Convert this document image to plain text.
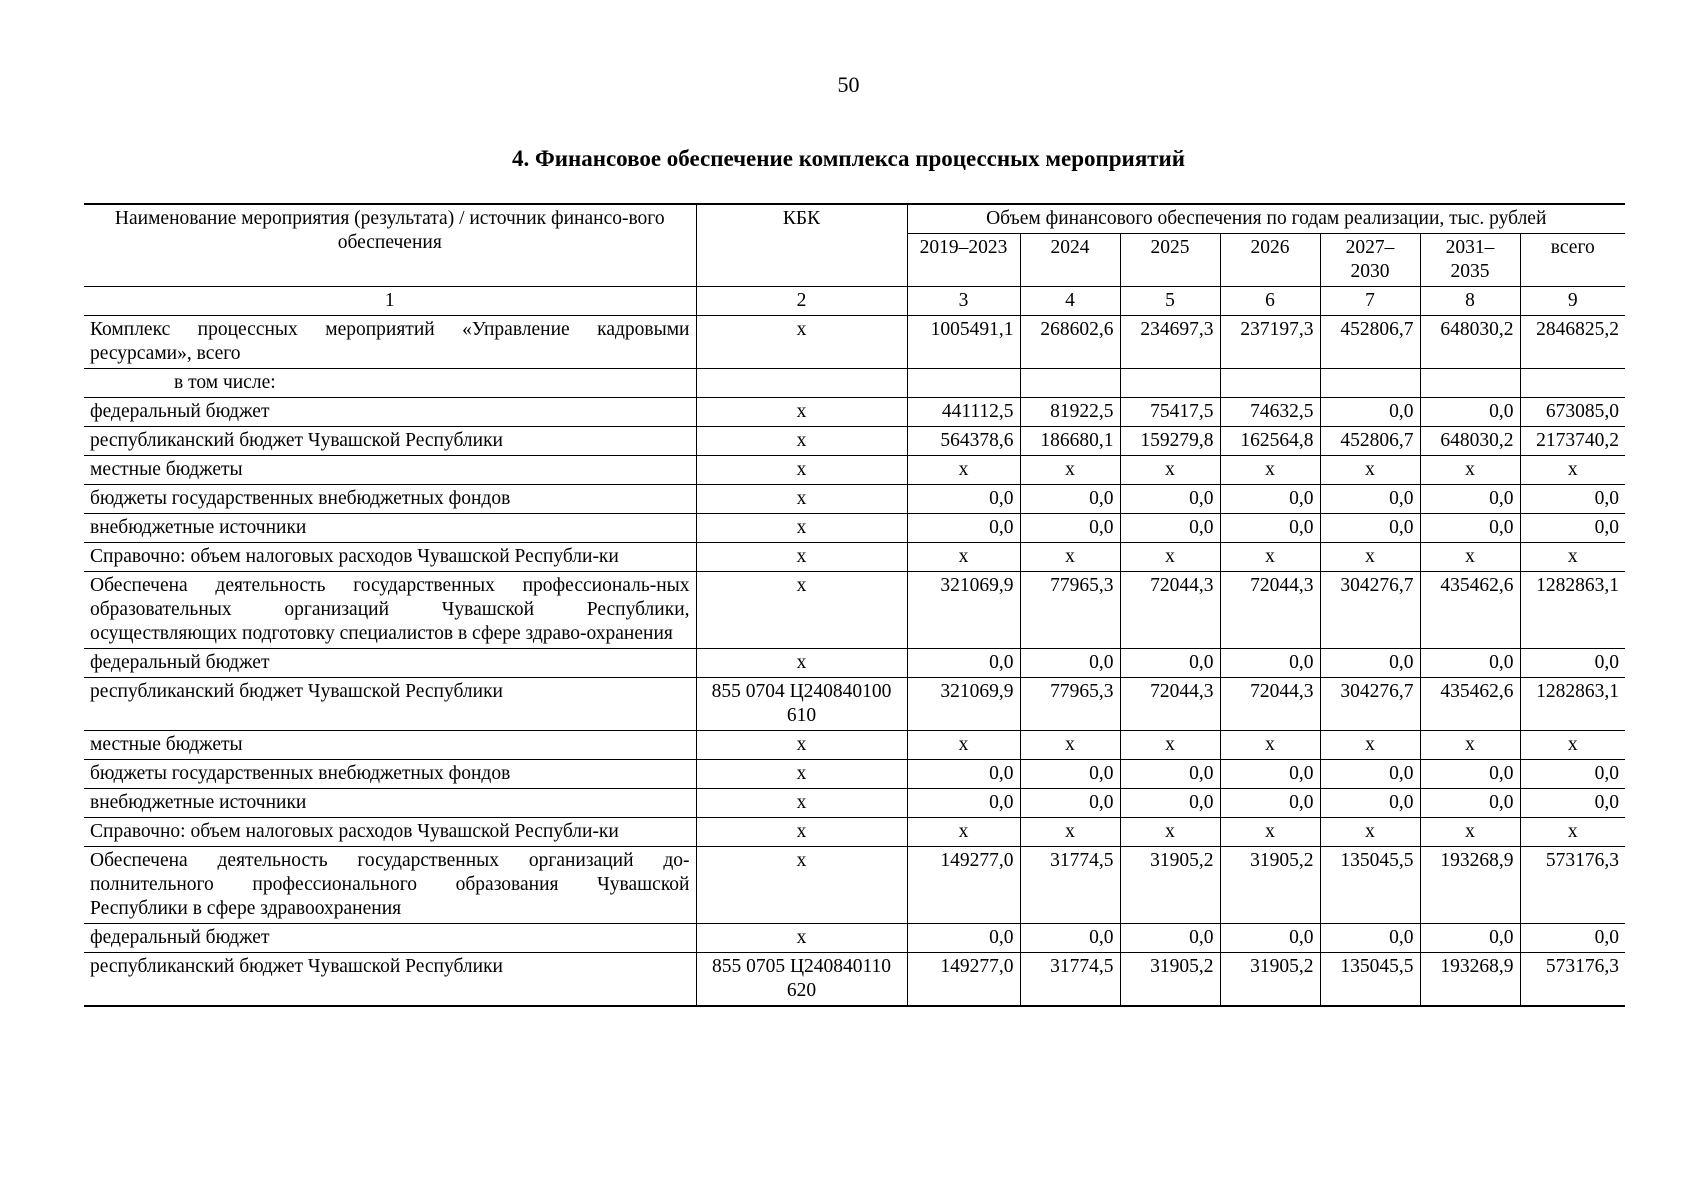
50
4. Финансовое обеспечение комплекса процессных мероприятий
Наименование мероприятия (результата) / источник финансо-вого обеспечения	КБК	Объем финансового обеспечения по годам реализации, тыс. рублей						
		2019–2023	2024	2025	2026	2027–2030	2031–2035	всего
1	2	3	4	5	6	7	8	9
Комплекс процессных мероприятий «Управление кадровыми ресурсами», всего	x	1005491,1	268602,6	234697,3	237197,3	452806,7	648030,2	2846825,2
в том числе:								
федеральный бюджет	x	441112,5	81922,5	75417,5	74632,5	0,0	0,0	673085,0
республиканский бюджет Чувашской Республики	x	564378,6	186680,1	159279,8	162564,8	452806,7	648030,2	2173740,2
местные бюджеты	x	x	x	x	x	x	x	x
бюджеты государственных внебюджетных фондов	x	0,0	0,0	0,0	0,0	0,0	0,0	0,0
внебюджетные источники	x	0,0	0,0	0,0	0,0	0,0	0,0	0,0
Справочно: объем налоговых расходов Чувашской Республи-ки	x	x	x	x	x	x	x	x
Обеспечена деятельность государственных профессиональ-ных образовательных организаций Чувашской Республики, осуществляющих подготовку специалистов в сфере здраво-охранения	x	321069,9	77965,3	72044,3	72044,3	304276,7	435462,6	1282863,1
федеральный бюджет	x	0,0	0,0	0,0	0,0	0,0	0,0	0,0
республиканский бюджет Чувашской Республики	855 0704 Ц240840100 610	321069,9	77965,3	72044,3	72044,3	304276,7	435462,6	1282863,1
местные бюджеты	x	x	x	x	x	x	x	x
бюджеты государственных внебюджетных фондов	x	0,0	0,0	0,0	0,0	0,0	0,0	0,0
внебюджетные источники	x	0,0	0,0	0,0	0,0	0,0	0,0	0,0
Справочно: объем налоговых расходов Чувашской Республи-ки	x	x	x	x	x	x	x	x
Обеспечена деятельность государственных организаций до-полнительного профессионального образования Чувашской Республики в сфере здравоохранения	x	149277,0	31774,5	31905,2	31905,2	135045,5	193268,9	573176,3
федеральный бюджет	x	0,0	0,0	0,0	0,0	0,0	0,0	0,0
республиканский бюджет Чувашской Республики	855 0705 Ц240840110 620	149277,0	31774,5	31905,2	31905,2	135045,5	193268,9	573176,3
